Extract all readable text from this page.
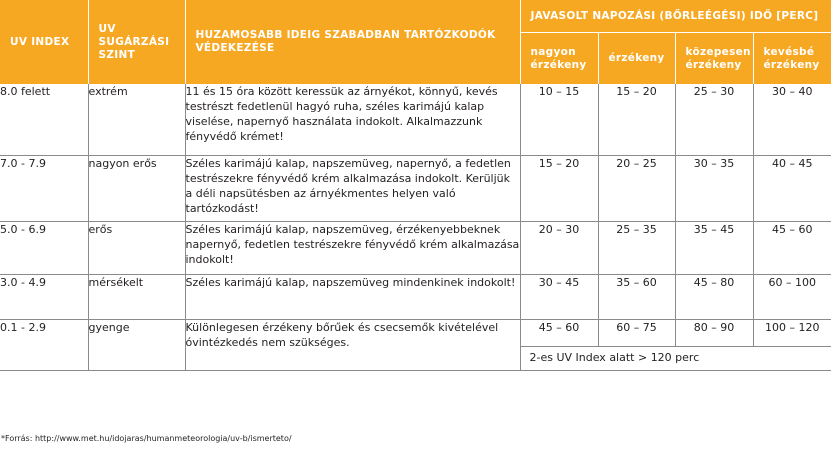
UV INDEX	UV SUGÁRZÁSI SZINT	HUZAMOSABB IDEIG SZABADBAN TARTÓZKODÓK VÉDEKEZÉSE	JAVASOLT NAPOZÁSI (BŐRLEÉGÉSI) IDŐ [PERC]			
			nagyon érzékeny	érzékeny	közepesen érzékeny	kevésbé érzékeny
8.0 felett	extrém	11 és 15 óra között keressük az árnyékot, könnyű, kevés testrészt fedetlenül hagyó ruha, széles karimájú kalap viselése, napernyő használata indokolt. Alkalmazzunk fényvédő krémet!	10 – 15	15 – 20	25 – 30	30 – 40
7.0 - 7.9	nagyon erős	Széles karimájú kalap, napszemüveg, napernyő, a fedetlen testrészekre fényvédő krém alkalmazása indokolt. Kerüljük a déli napsütésben az árnyékmentes helyen való tartózkodást!	15 – 20	20 – 25	30 – 35	40 – 45
5.0 - 6.9	erős	Széles karimájú kalap, napszemüveg, érzékenyebbeknek napernyő, fedetlen testrészekre fényvédő krém alkalmazása indokolt!	20 – 30	25 – 35	35 – 45	45 – 60
3.0 - 4.9	mérsékelt	Széles karimájú kalap, napszemüveg mindenkinek indokolt!	30 – 45	35 – 60	45 – 80	60 – 100
0.1 - 2.9	gyenge	Különlegesen érzékeny bőrűek és csecsemők kivételével óvintézkedés nem szükséges.	45 – 60	60 – 75	80 – 90	100 – 120
			2-es UV Index alatt > 120 perc			
*Forrás: http://www.met.hu/idojaras/humanmeteorologia/uv-b/ismerteto/
